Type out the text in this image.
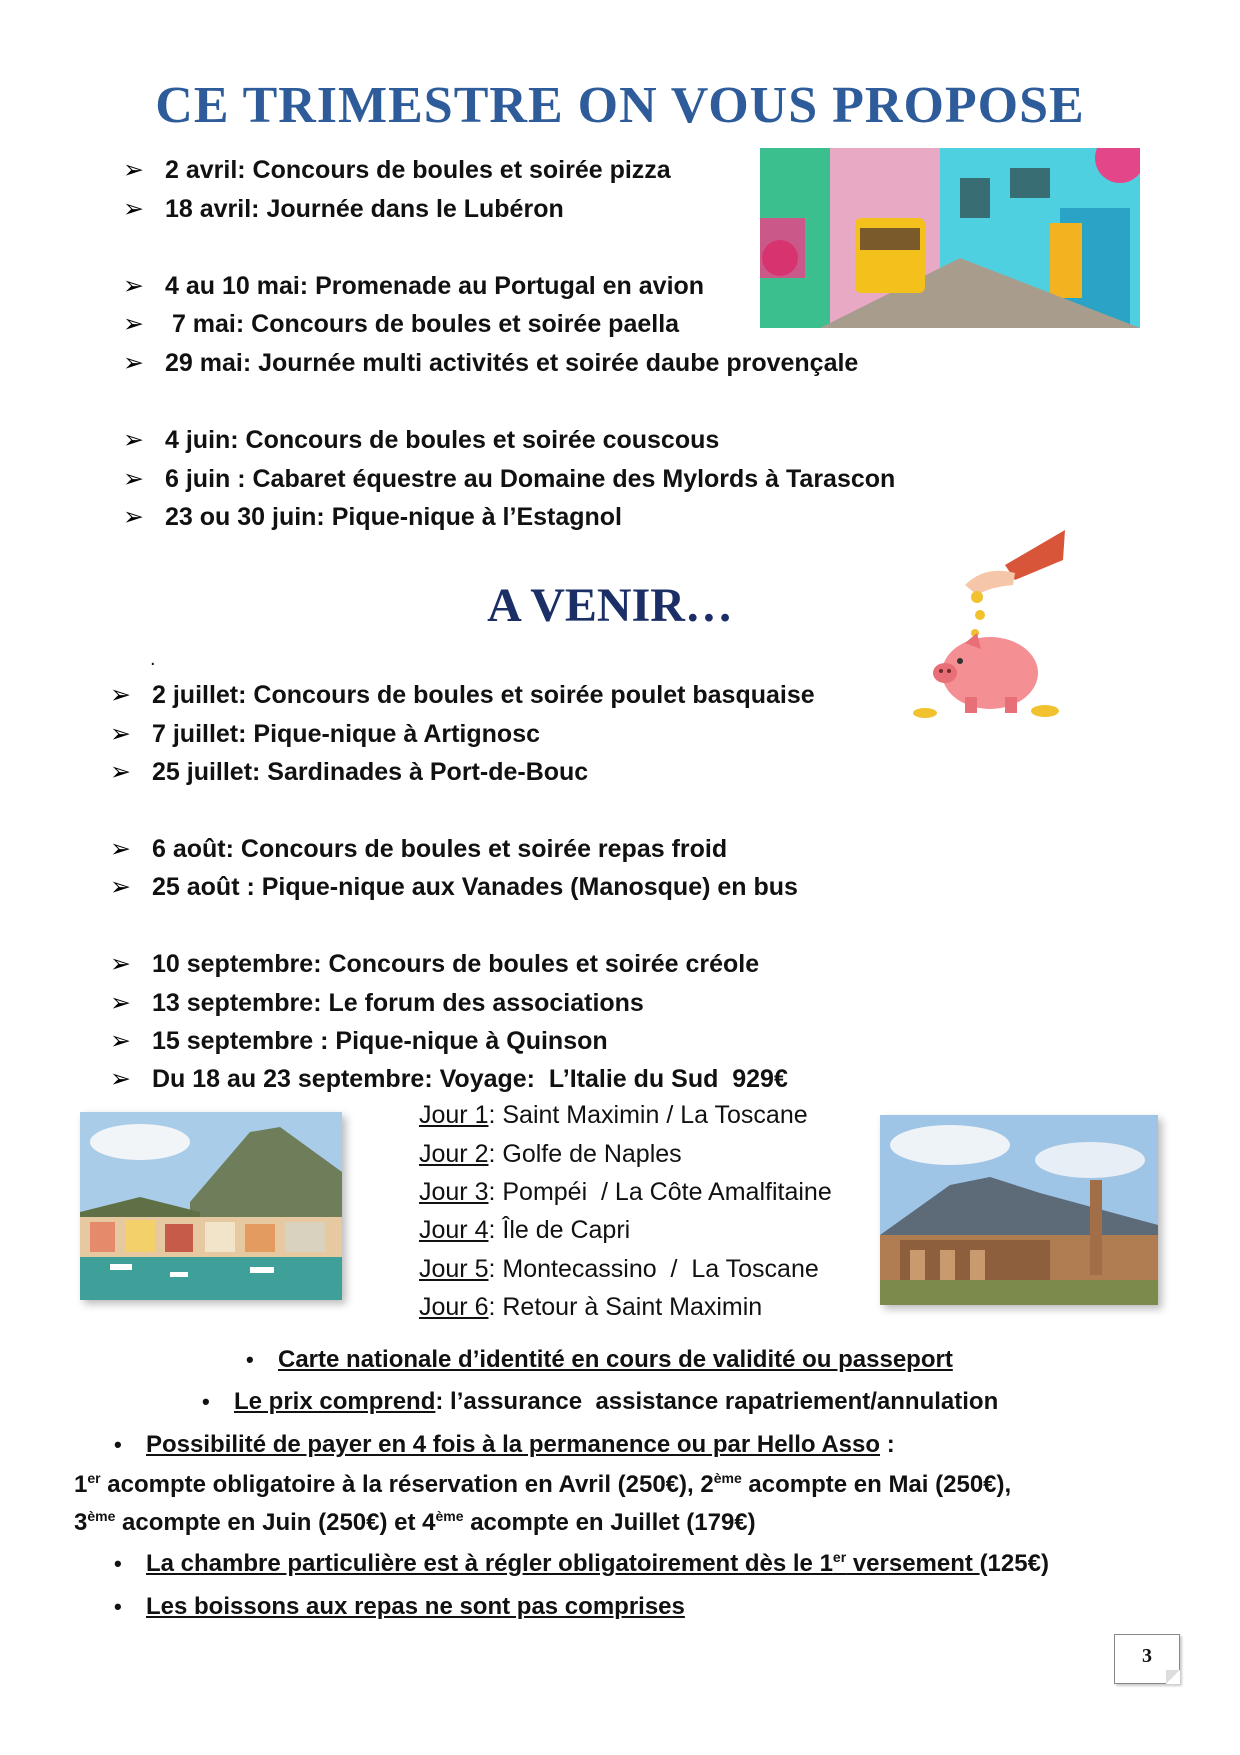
CE TRIMESTRE ON VOUS PROPOSE
➢ 2 avril: Concours de boules et soirée pizza
➢ 18 avril: Journée dans le Lubéron
➢ 4 au 10 mai: Promenade au Portugal en avion
➢ 7 mai: Concours de boules et soirée paella
➢ 29 mai: Journée multi activités et soirée daube provençale
➢ 4 juin: Concours de boules et soirée couscous
➢ 6 juin : Cabaret équestre au Domaine des Mylords à Tarascon
➢ 23 ou 30 juin: Pique-nique à l’Estagnol
A VENIR…
.
➢ 2 juillet: Concours de boules et soirée poulet basquaise
➢ 7 juillet: Pique-nique à Artignosc
➢ 25 juillet: Sardinades à Port-de-Bouc
➢ 6 août: Concours de boules et soirée repas froid
➢ 25 août : Pique-nique aux Vanades (Manosque) en bus
➢ 10 septembre: Concours de boules et soirée créole
➢ 13 septembre: Le forum des associations
➢ 15 septembre : Pique-nique à Quinson
➢ Du 18 au 23 septembre: Voyage:  L’Italie du Sud  929€
Jour 1: Saint Maximin / La Toscane
Jour 2: Golfe de Naples
Jour 3: Pompéi  / La Côte Amalfitaine
Jour 4: Île de Capri
Jour 5: Montecassino  /  La Toscane
Jour 6: Retour à Saint Maximin
• Carte nationale d’identité en cours de validité ou passeport
• Le prix comprend: l’assurance  assistance rapatriement/annulation
• Possibilité de payer en 4 fois à la permanence ou par Hello Asso :
1er acompte obligatoire à la réservation en Avril (250€), 2ème acompte en Mai (250€),
3ème acompte en Juin (250€) et 4ème acompte en Juillet (179€)
• La chambre particulière est à régler obligatoirement dès le 1er versement (125€)
• Les boissons aux repas ne sont pas comprises
3
